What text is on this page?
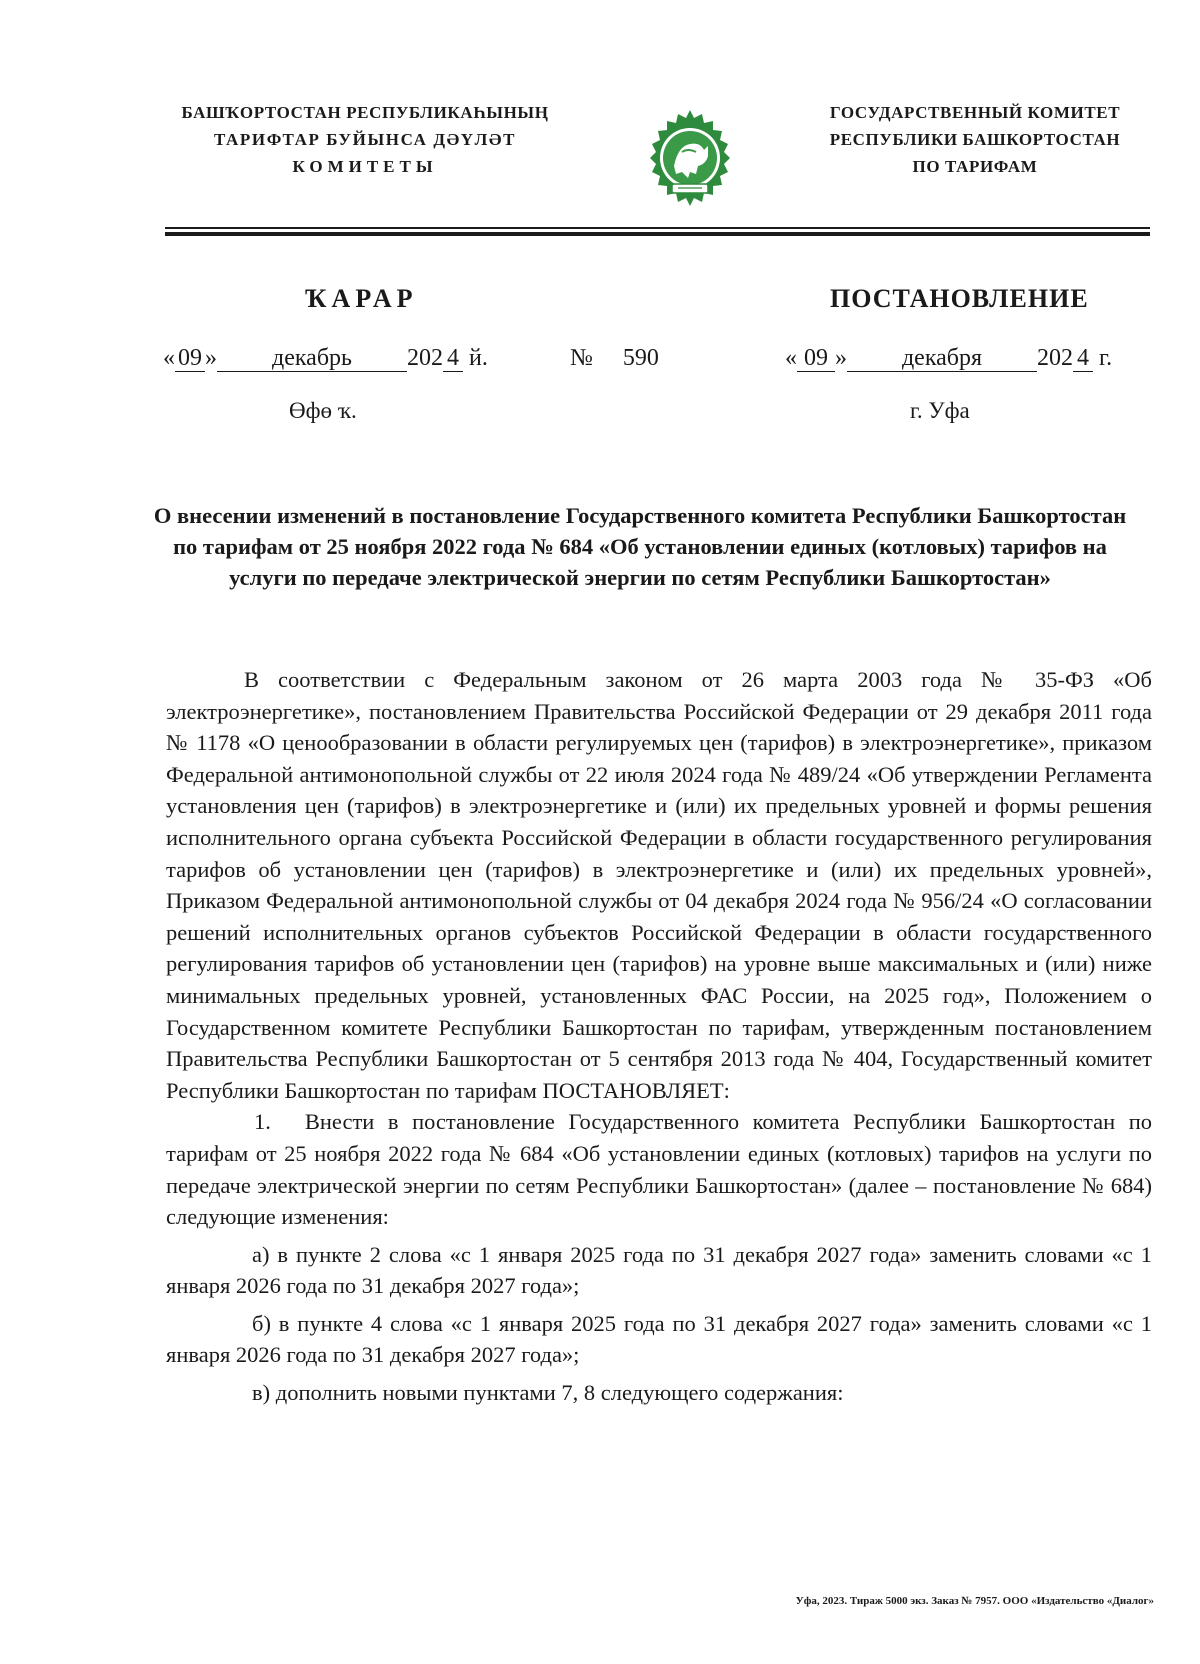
БАШҠОРТОСТАН РЕСПУБЛИКАҺЫНЫҢ
ТАРИФТАР БУЙЫНСА ДӘҮЛӘТ
КОМИТЕТЫ
ГОСУДАРСТВЕННЫЙ КОМИТЕТ
РЕСПУБЛИКИ БАШКОРТОСТАН
ПО ТАРИФАМ
ҠАРАР	ПОСТАНОВЛЕНИЕ
« 09 » декабрь 202 4 й.	№ 590	« 09 » декабря 202 4 г.
Өфө ҡ.	г. Уфа
О внесении изменений в постановление Государственного комитета Республики Башкортостан по тарифам от 25 ноября 2022 года № 684 «Об установлении единых (котловых) тарифов на услуги по передаче электрической энергии по сетям Республики Башкортостан»

В соответствии с Федеральным законом от 26 марта 2003 года № 35-ФЗ «Об электроэнергетике», постановлением Правительства Российской Федерации от 29 декабря 2011 года № 1178 «О ценообразовании в области регулируемых цен (тарифов) в электроэнергетике», приказом Федеральной антимонопольной службы от 22 июля 2024 года № 489/24 «Об утверждении Регламента установления цен (тарифов) в электроэнергетике и (или) их предельных уровней и формы решения исполнительного органа субъекта Российской Федерации в области государственного регулирования тарифов об установлении цен (тарифов) в электроэнергетике и (или) их предельных уровней», Приказом Федеральной антимонопольной службы от 04 декабря 2024 года № 956/24 «О согласовании решений исполнительных органов субъектов Российской Федерации в области государственного регулирования тарифов об установлении цен (тарифов) на уровне выше максимальных и (или) ниже минимальных предельных уровней, установленных ФАС России, на 2025 год», Положением о Государственном комитете Республики Башкортостан по тарифам, утвержденным постановлением Правительства Республики Башкортостан от 5 сентября 2013 года № 404, Государственный комитет Республики Башкортостан по тарифам ПОСТАНОВЛЯЕТ:

1. Внести в постановление Государственного комитета Республики Башкортостан по тарифам от 25 ноября 2022 года № 684 «Об установлении единых (котловых) тарифов на услуги по передаче электрической энергии по сетям Республики Башкортостан» (далее – постановление № 684) следующие изменения:

а) в пункте 2 слова «с 1 января 2025 года по 31 декабря 2027 года» заменить словами «с 1 января 2026 года по 31 декабря 2027 года»;

б) в пункте 4 слова «с 1 января 2025 года по 31 декабря 2027 года» заменить словами «с 1 января 2026 года по 31 декабря 2027 года»;

в) дополнить новыми пунктами 7, 8 следующего содержания:

Уфа, 2023. Тираж 5000 экз. Заказ № 7957. ООО «Издательство «Диалог»
